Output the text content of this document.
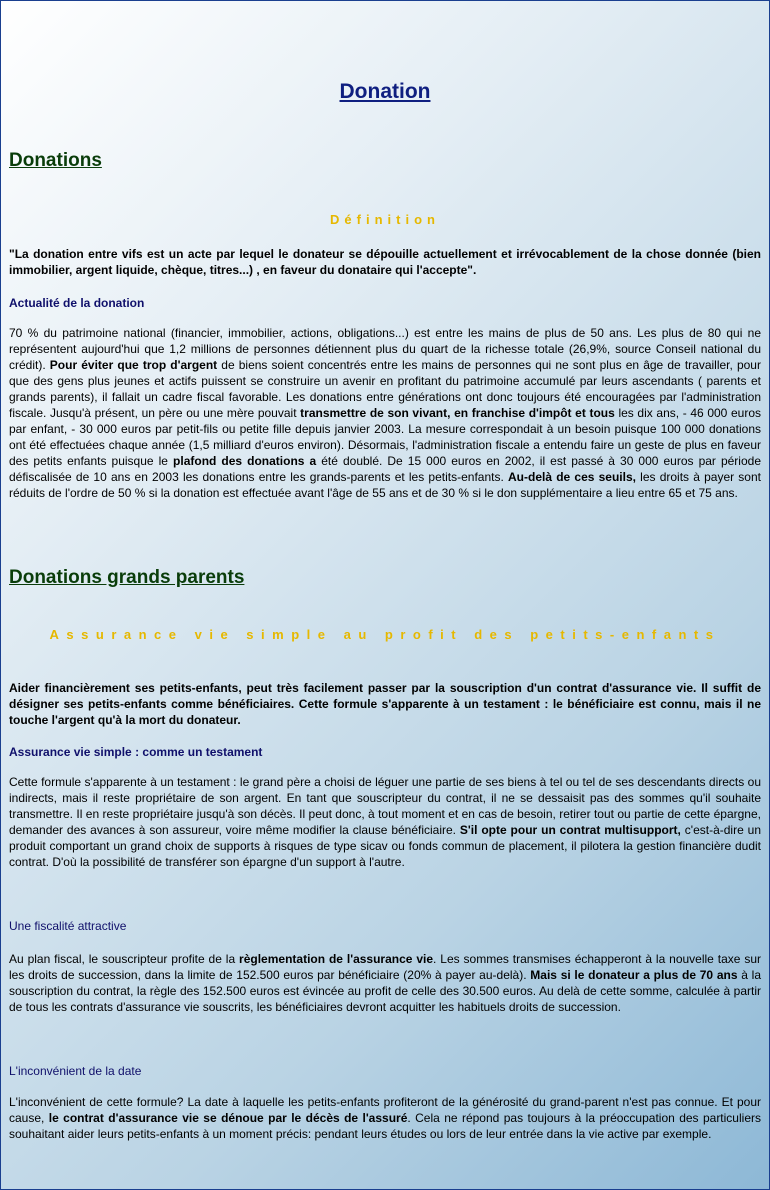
Donation
Donations
Définition
"La donation entre vifs est un acte par lequel le donateur se dépouille actuellement et irrévocablement de la chose donnée (bien immobilier, argent liquide, chèque, titres...) , en faveur du donataire qui l'accepte".
Actualité de la donation
70 % du patrimoine national (financier, immobilier, actions, obligations...) est entre les mains de plus de 50 ans. Les plus de 80 qui ne représentent aujourd'hui que 1,2 millions de personnes détiennent plus du quart de la richesse totale (26,9%, source Conseil national du crédit). Pour éviter que trop d'argent de biens soient concentrés entre les mains de personnes qui ne sont plus en âge de travailler, pour que des gens plus jeunes et actifs puissent se construire un avenir en profitant du patrimoine accumulé par leurs ascendants ( parents et grands parents), il fallait un cadre fiscal favorable. Les donations entre générations ont donc toujours été encouragées par l'administration fiscale. Jusqu'à présent, un père ou une mère pouvait transmettre de son vivant, en franchise d'impôt et tous les dix ans, - 46 000 euros par enfant, - 30 000 euros par petit-fils ou petite fille depuis janvier 2003. La mesure correspondait à un besoin puisque 100 000 donations ont été effectuées chaque année (1,5 milliard d'euros environ). Désormais, l'administration fiscale a entendu faire un geste de plus en faveur des petits enfants puisque le plafond des donations a été doublé. De 15 000 euros en 2002, il est passé à 30 000 euros par période défiscalisée de 10 ans en 2003 les donations entre les grands-parents et les petits-enfants. Au-delà de ces seuils, les droits à payer sont réduits de l'ordre de 50 % si la donation est effectuée avant l'âge de 55 ans et de 30 % si le don supplémentaire a lieu entre 65 et 75 ans.
Donations grands parents
Assurance vie simple au profit des petits-enfants
Aider financièrement ses petits-enfants, peut très facilement passer par la souscription d'un contrat d'assurance vie. Il suffit de désigner ses petits-enfants comme bénéficiaires. Cette formule s'apparente à un testament : le bénéficiaire est connu, mais il ne touche l'argent qu'à la mort du donateur.
Assurance vie simple : comme un testament
Cette formule s'apparente à un testament : le grand père a choisi de léguer une partie de ses biens à tel ou tel de ses descendants directs ou indirects, mais il reste propriétaire de son argent. En tant que souscripteur du contrat, il ne se dessaisit pas des sommes qu'il souhaite transmettre. Il en reste propriétaire jusqu'à son décès. Il peut donc, à tout moment et en cas de besoin, retirer tout ou partie de cette épargne, demander des avances à son assureur, voire même modifier la clause bénéficiaire. S'il opte pour un contrat multisupport, c'est-à-dire un produit comportant un grand choix de supports à risques de type sicav ou fonds commun de placement, il pilotera la gestion financière dudit contrat. D'où la possibilité de transférer son épargne d'un support à l'autre.
Une fiscalité attractive
Au plan fiscal, le souscripteur profite de la règlementation de l'assurance vie. Les sommes transmises échapperont à la nouvelle taxe sur les droits de succession, dans la limite de 152.500 euros par bénéficiaire (20% à payer au-delà). Mais si le donateur a plus de 70 ans à la souscription du contrat, la règle des 152.500 euros est évincée au profit de celle des 30.500 euros. Au delà de cette somme, calculée à partir de tous les contrats d'assurance vie souscrits, les bénéficiaires devront acquitter les habituels droits de succession.
L'inconvénient de la date
L'inconvénient de cette formule? La date à laquelle les petits-enfants profiteront de la générosité du grand-parent n'est pas connue. Et pour cause, le contrat d'assurance vie se dénoue par le décès de l'assuré. Cela ne répond pas toujours à la préoccupation des particuliers souhaitant aider leurs petits-enfants à un moment précis: pendant leurs études ou lors de leur entrée dans la vie active par exemple.
